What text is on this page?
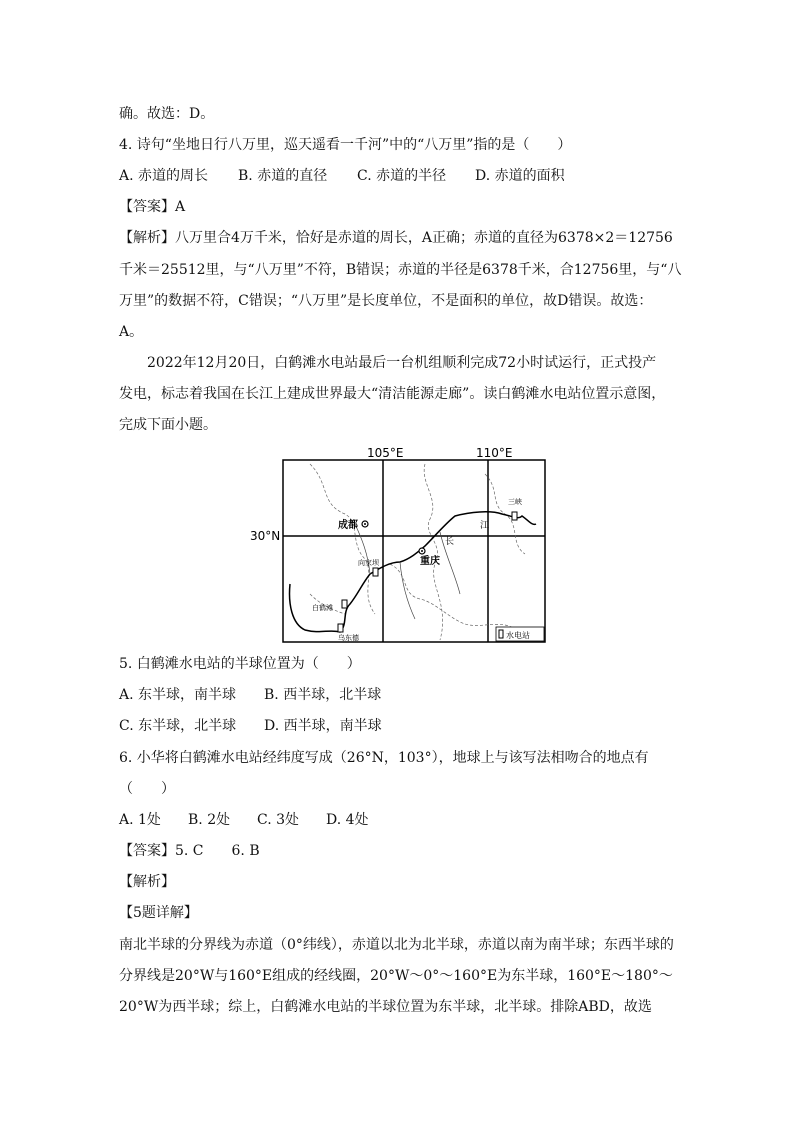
确。故选：D。
4. 诗句“坐地日行八万里，巡天遥看一千河”中的“八万里”指的是（　　）
A. 赤道的周长 B. 赤道的直径 C. 赤道的半径 D. 赤道的面积
【答案】A
【解析】八万里合4万千米，恰好是赤道的周长，A正确；赤道的直径为6378×2＝12756
千米＝25512里，与“八万里”不符，B错误；赤道的半径是6378千米，合12756里，与“八
万里”的数据不符，C错误；“八万里”是长度单位，不是面积的单位，故D错误。故选：
A。
2022年12月20日，白鹤滩水电站最后一台机组顺利完成72小时试运行，正式投产
发电，标志着我国在长江上建成世界最大“清洁能源走廊”。读白鹤滩水电站位置示意图，
完成下面小题。
105°E	110°E
30°N
成都
重庆
江
长
三峡
向家坝
白鹤滩
乌东德	水电站
5. 白鹤滩水电站的半球位置为（　　）
A. 东半球，南半球 B. 西半球，北半球
C. 东半球，北半球 D. 西半球，南半球
6. 小华将白鹤滩水电站经纬度写成（26°N，103°），地球上与该写法相吻合的地点有
（　　）
A. 1处 B. 2处 C. 3处 D. 4处
【答案】5. C　　6. B
【解析】
【5题详解】
南北半球的分界线为赤道（0°纬线），赤道以北为北半球，赤道以南为南半球；东西半球的
分界线是20°W与160°E组成的经线圈，20°W～0°～160°E为东半球，160°E～180°～
20°W为西半球；综上，白鹤滩水电站的半球位置为东半球，北半球。排除ABD，故选
